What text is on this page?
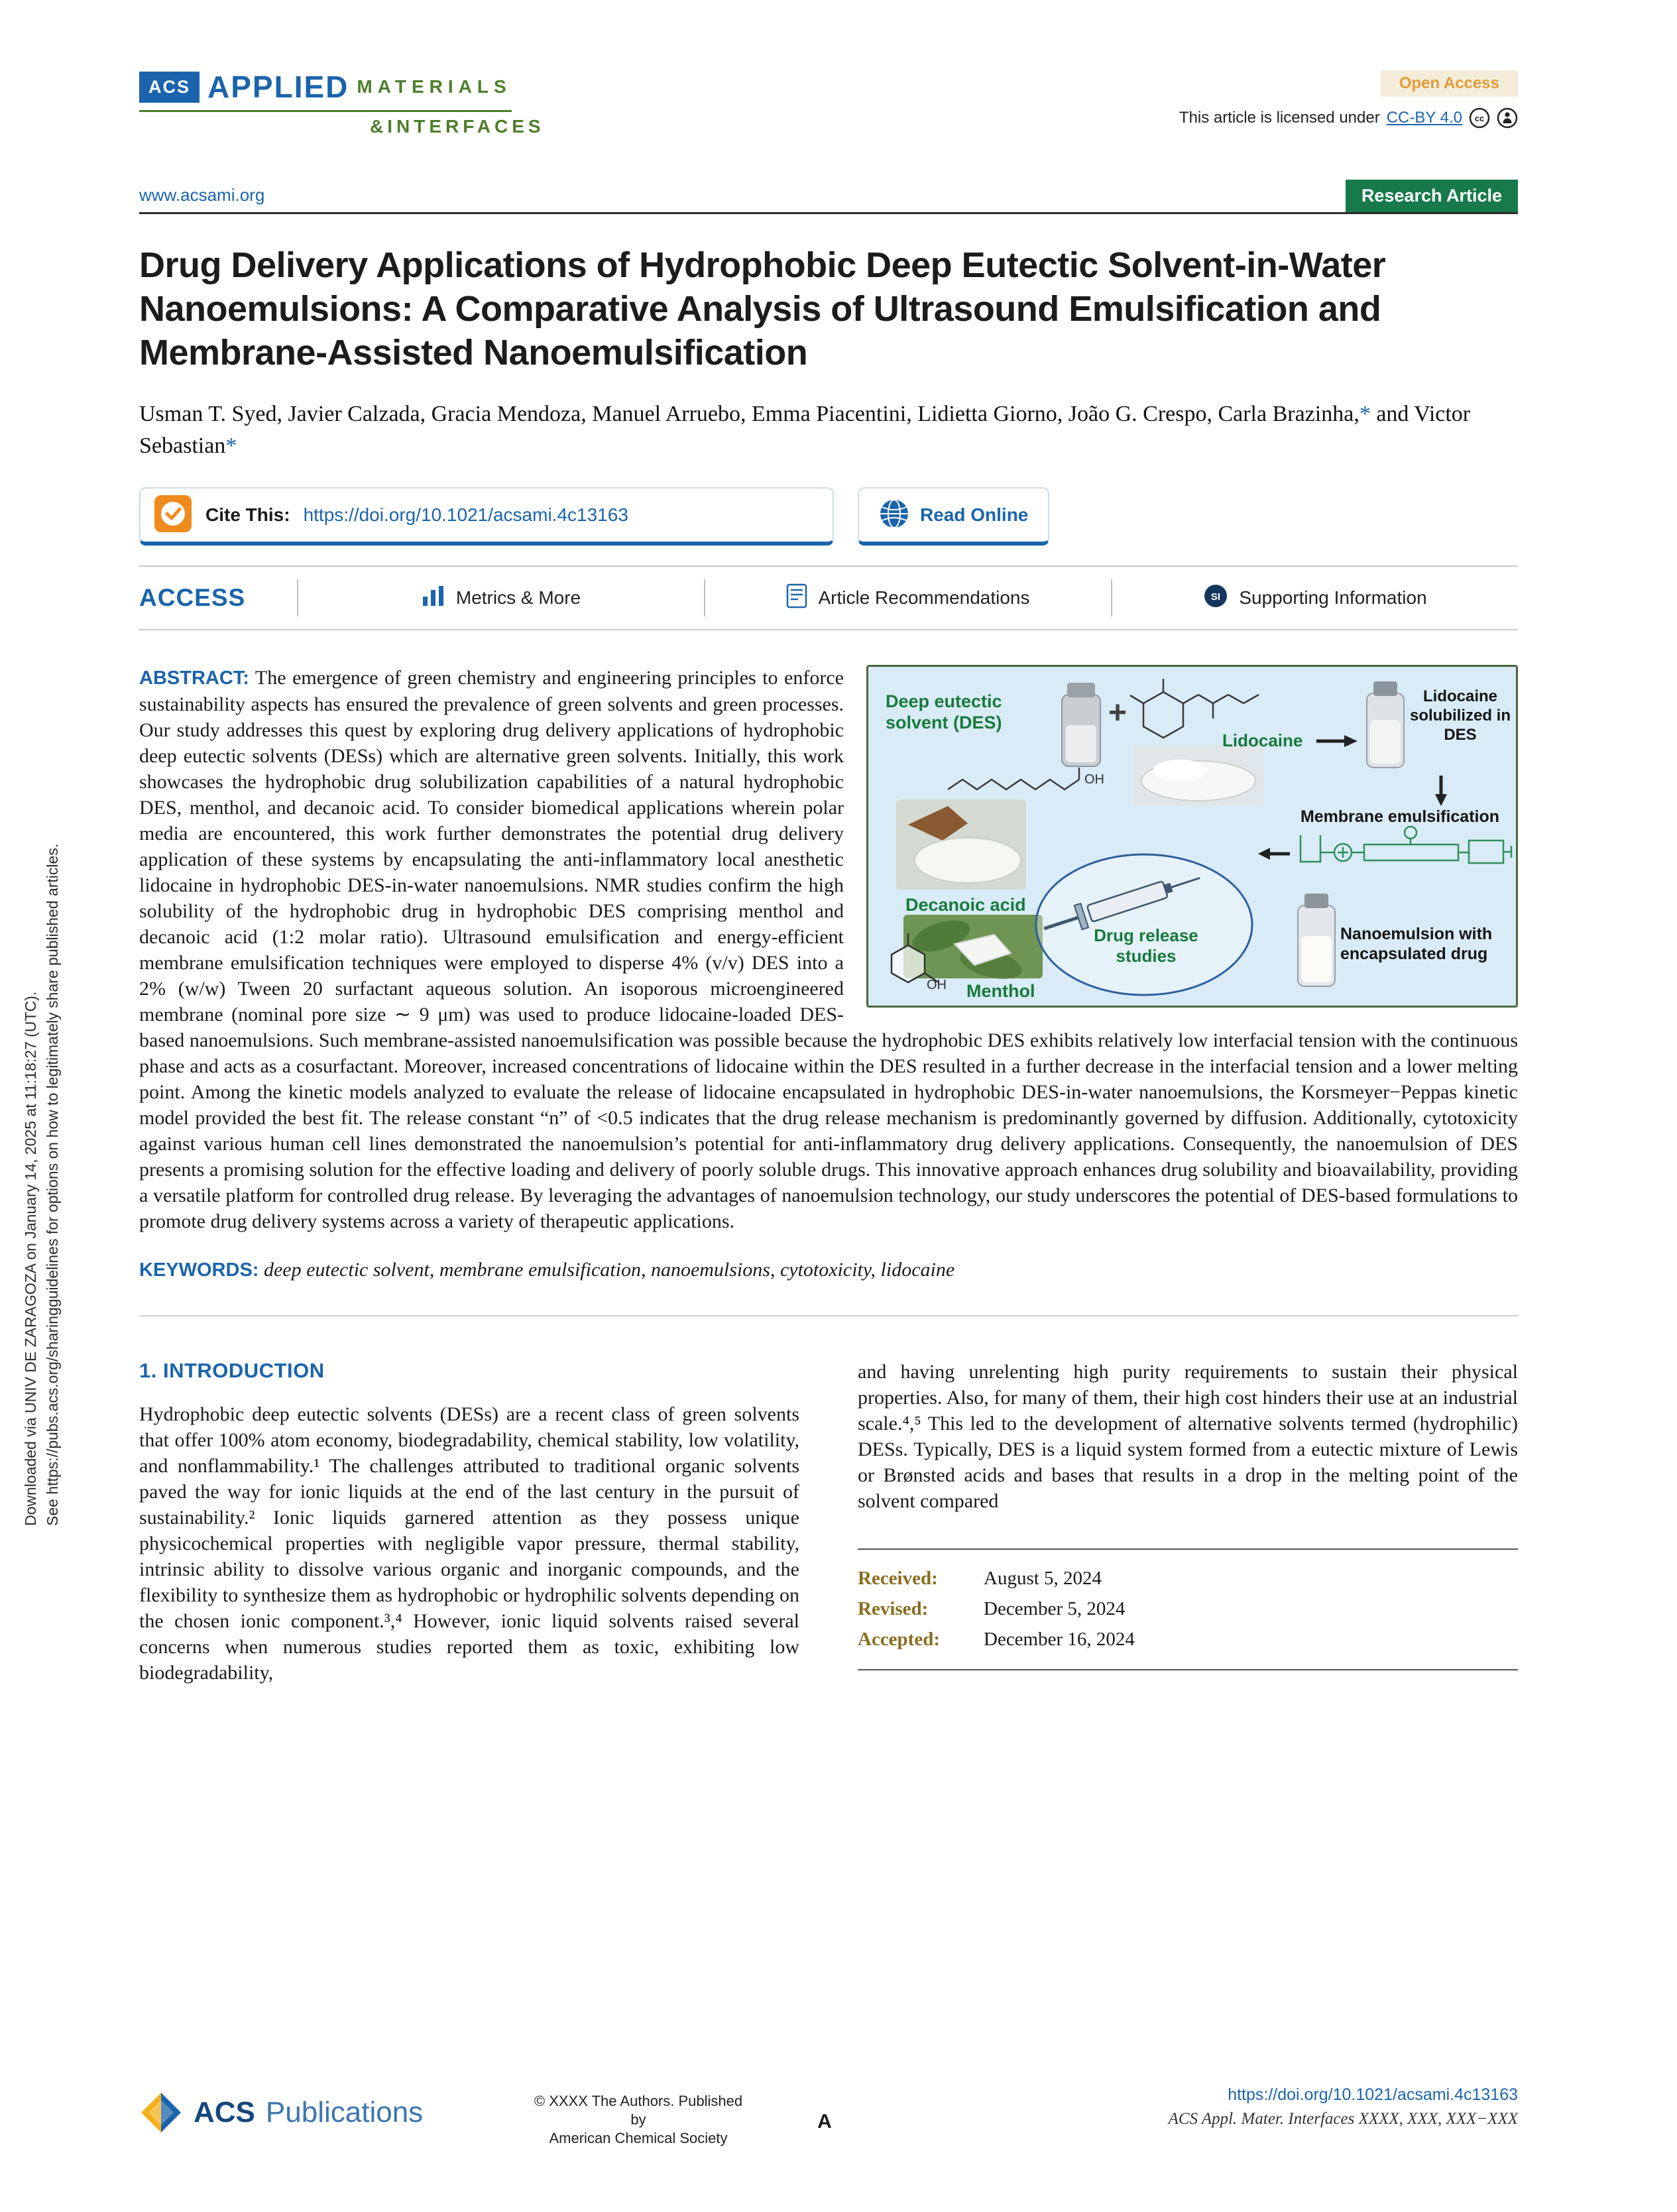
Downloaded via UNIV DE ZARAGOZA on January 14, 2025 at 11:18:27 (UTC). See https://pubs.acs.org/sharingguidelines for options on how to legitimately share published articles.
ACS APPLIED MATERIALS
&INTERFACES
Open Access
This article is licensed under CC-BY 4.0 cc
www.acsami.org	Research Article
Drug Delivery Applications of Hydrophobic Deep Eutectic Solvent-in-Water Nanoemulsions: A Comparative Analysis of Ultrasound Emulsification and Membrane-Assisted Nanoemulsification
Usman T. Syed, Javier Calzada, Gracia Mendoza, Manuel Arruebo, Emma Piacentini, Lidietta Giorno, João G. Crespo, Carla Brazinha,* and Victor Sebastian*
Cite This: https://doi.org/10.1021/acsami.4c13163	Read Online
ACCESS	Metrics & More	Article Recommendations	SI Supporting Information
OH
OH
Deep eutectic solvent (DES)	+
Lidocaine
Lidocaine solubilized in DES
Membrane emulsification
Decanoic acid
Drug release studies
Menthol
Nanoemulsion with encapsulated drug

ABSTRACT: The emergence of green chemistry and engineering principles to enforce sustainability aspects has ensured the prevalence of green solvents and green processes. Our study addresses this quest by exploring drug delivery applications of hydrophobic deep eutectic solvents (DESs) which are alternative green solvents. Initially, this work showcases the hydrophobic drug solubilization capabilities of a natural hydrophobic DES, menthol, and decanoic acid. To consider biomedical applications wherein polar media are encountered, this work further demonstrates the potential drug delivery application of these systems by encapsulating the anti-inflammatory local anesthetic lidocaine in hydrophobic DES-in-water nanoemulsions. NMR studies confirm the high solubility of the hydrophobic drug in hydrophobic DES comprising menthol and decanoic acid (1:2 molar ratio). Ultrasound emulsification and energy-efficient membrane emulsification techniques were employed to disperse 4% (v/v) DES into a 2% (w/w) Tween 20 surfactant aqueous solution. An isoporous microengineered membrane (nominal pore size ∼ 9 μm) was used to produce lidocaine-loaded DES-based nanoemulsions. Such membrane-assisted nanoemulsification was possible because the hydrophobic DES exhibits relatively low interfacial tension with the continuous phase and acts as a cosurfactant. Moreover, increased concentrations of lidocaine within the DES resulted in a further decrease in the interfacial tension and a lower melting point. Among the kinetic models analyzed to evaluate the release of lidocaine encapsulated in hydrophobic DES-in-water nanoemulsions, the Korsmeyer−Peppas kinetic model provided the best fit. The release constant “n” of <0.5 indicates that the drug release mechanism is predominantly governed by diffusion. Additionally, cytotoxicity against various human cell lines demonstrated the nanoemulsion’s potential for anti-inflammatory drug delivery applications. Consequently, the nanoemulsion of DES presents a promising solution for the effective loading and delivery of poorly soluble drugs. This innovative approach enhances drug solubility and bioavailability, providing a versatile platform for controlled drug release. By leveraging the advantages of nanoemulsion technology, our study underscores the potential of DES-based formulations to promote drug delivery systems across a variety of therapeutic applications.

KEYWORDS: deep eutectic solvent, membrane emulsification, nanoemulsions, cytotoxicity, lidocaine
1. INTRODUCTION

Hydrophobic deep eutectic solvents (DESs) are a recent class of green solvents that offer 100% atom economy, biodegradability, chemical stability, low volatility, and nonflammability.¹ The challenges attributed to traditional organic solvents paved the way for ionic liquids at the end of the last century in the pursuit of sustainability.² Ionic liquids garnered attention as they possess unique physicochemical properties with negligible vapor pressure, thermal stability, intrinsic ability to dissolve various organic and inorganic compounds, and the flexibility to synthesize them as hydrophobic or hydrophilic solvents depending on the chosen ionic component.³,⁴ However, ionic liquid solvents raised several concerns when numerous studies reported them as toxic, exhibiting low biodegradability,

and having unrelenting high purity requirements to sustain their physical properties. Also, for many of them, their high cost hinders their use at an industrial scale.⁴,⁵ This led to the development of alternative solvents termed (hydrophilic) DESs. Typically, DES is a liquid system formed from a eutectic mixture of Lewis or Brønsted acids and bases that results in a drop in the melting point of the solvent compared

Received:	August 5, 2024
Revised:	December 5, 2024
Accepted:	December 16, 2024
ACS Publications	© XXXX The Authors. Published by
American Chemical Society
A
https://doi.org/10.1021/acsami.4c13163
ACS Appl. Mater. Interfaces XXXX, XXX, XXX−XXX
